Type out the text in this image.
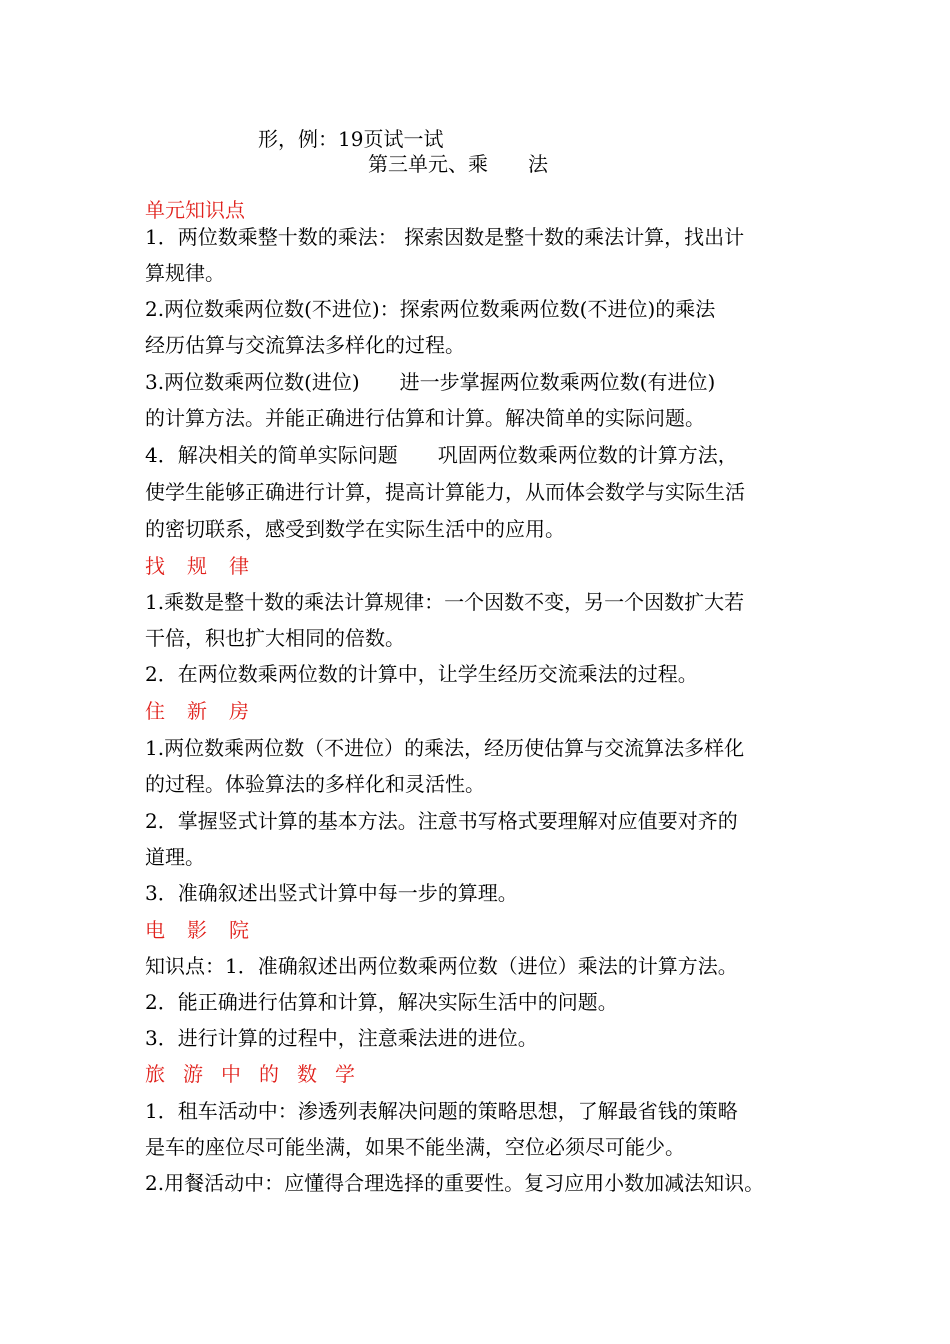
形，例：19页试一试
第三单元、乘　　法
单元知识点
1．两位数乘整十数的乘法： 探索因数是整十数的乘法计算，找出计
算规律。
2.两位数乘两位数(不进位)：探索两位数乘两位数(不进位)的乘法
经历估算与交流算法多样化的过程。
3.两位数乘两位数(进位)　　进一步掌握两位数乘两位数(有进位)
的计算方法。并能正确进行估算和计算。解决简单的实际问题。
4．解决相关的简单实际问题　　巩固两位数乘两位数的计算方法，
使学生能够正确进行计算，提高计算能力，从而体会数学与实际生活
的密切联系，感受到数学在实际生活中的应用。
找规律
1.乘数是整十数的乘法计算规律：一个因数不变，另一个因数扩大若
干倍，积也扩大相同的倍数。
2．在两位数乘两位数的计算中，让学生经历交流乘法的过程。
住新房
1.两位数乘两位数（不进位）的乘法，经历使估算与交流算法多样化
的过程。体验算法的多样化和灵活性。
2．掌握竖式计算的基本方法。注意书写格式要理解对应值要对齐的
道理。
3．准确叙述出竖式计算中每一步的算理。
电影院
知识点：1．准确叙述出两位数乘两位数（进位）乘法的计算方法。
2．能正确进行估算和计算，解决实际生活中的问题。
3．进行计算的过程中，注意乘法进的进位。
旅游中的数学
1．租车活动中：渗透列表解决问题的策略思想，了解最省钱的策略
是车的座位尽可能坐满，如果不能坐满，空位必须尽可能少。
2.用餐活动中：应懂得合理选择的重要性。复习应用小数加减法知识。
